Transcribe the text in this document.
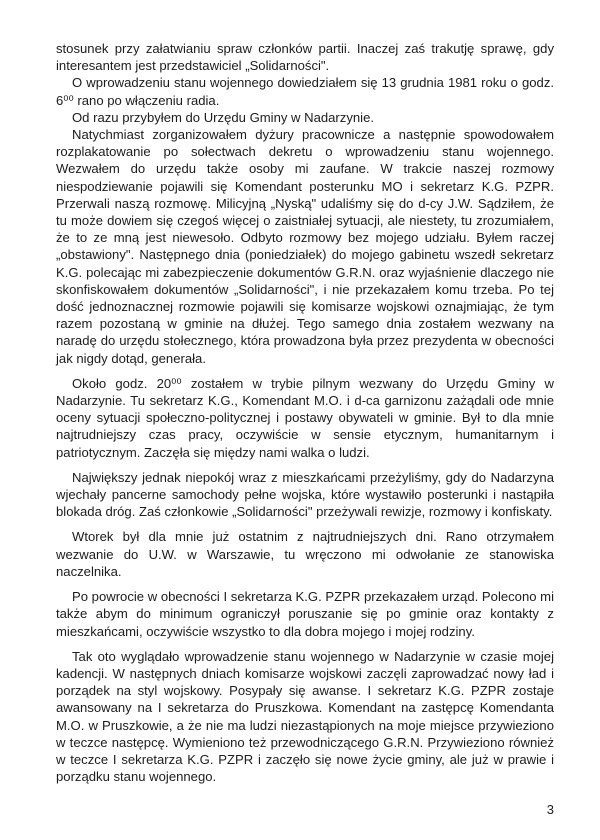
stosunek przy załatwianiu spraw członków partii. Inaczej zaś trakutję sprawę, gdy interesantem jest przedstawiciel „Solidarności".

O wprowadzeniu stanu wojennego dowiedziałem się 13 grudnia 1981 roku o godz. 6⁰⁰ rano po włączeniu radia.

Od razu przybyłem do Urzędu Gminy w Nadarzynie.

Natychmiast zorganizowałem dyżury pracownicze a następnie spowodowałem rozplakatowanie po sołectwach dekretu o wprowadzeniu stanu wojennego. Wezwałem do urzędu także osoby mi zaufane. W trakcie naszej rozmowy niespodziewanie pojawili się Komendant posterunku MO i sekretarz K.G. PZPR. Przerwali naszą rozmowę. Milicyjną „Nyską" udaliśmy się do d-cy J.W. Sądziłem, że tu może dowiem się czegoś więcej o zaistniałej sytuacji, ale niestety, tu zrozumiałem, że to ze mną jest niewesoło. Odbyto rozmowy bez mojego udziału. Byłem raczej „obstawiony". Następnego dnia (poniedziałek) do mojego gabinetu wszedł sekretarz K.G. polecając mi zabezpieczenie dokumentów G.R.N. oraz wyjaśnienie dlaczego nie skonfiskowałem dokumentów „Solidarności", i nie przekazałem komu trzeba. Po tej dość jednoznacznej rozmowie pojawili się komisarze wojskowi oznajmiając, że tym razem pozostaną w gminie na dłużej. Tego samego dnia zostałem wezwany na naradę do urzędu stołecznego, która prowadzona była przez prezydenta w obecności jak nigdy dotąd, generała.

Około godz. 20⁰⁰ zostałem w trybie pilnym wezwany do Urzędu Gminy w Nadarzynie. Tu sekretarz K.G., Komendant M.O. i d-ca garnizonu zażądali ode mnie oceny sytuacji społeczno-politycznej i postawy obywateli w gminie. Był to dla mnie najtrudniejszy czas pracy, oczywiście w sensie etycznym, humanitarnym i patriotycznym. Zaczęła się między nami walka o ludzi.

Największy jednak niepokój wraz z mieszkańcami przeżyliśmy, gdy do Nadarzyna wjechały pancerne samochody pełne wojska, które wystawiło posterunki i nastąpiła blokada dróg. Zaś członkowie „Solidarności" przeżywali rewizje, rozmowy i konfiskaty.

Wtorek był dla mnie już ostatnim z najtrudniejszych dni. Rano otrzymałem wezwanie do U.W. w Warszawie, tu wręczono mi odwołanie ze stanowiska naczelnika.

Po powrocie w obecności I sekretarza K.G. PZPR przekazałem urząd. Polecono mi także abym do minimum ograniczył poruszanie się po gminie oraz kontakty z mieszkańcami, oczywiście wszystko to dla dobra mojego i mojej rodziny.

Tak oto wyglądało wprowadzenie stanu wojennego w Nadarzynie w czasie mojej kadencji. W następnych dniach komisarze wojskowi zaczęli zaprowadzać nowy ład i porządek na styl wojskowy. Posypały się awanse. I sekretarz K.G. PZPR zostaje awansowany na I sekretarza do Pruszkowa. Komendant na zastępcę Komendanta M.O. w Pruszkowie, a że nie ma ludzi niezastąpionych na moje miejsce przywieziono w teczce następcę. Wymieniono też przewodniczącego G.R.N. Przywieziono również w teczce I sekretarza K.G. PZPR i zaczęło się nowe życie gminy, ale już w prawie i porządku stanu wojennego.

3
